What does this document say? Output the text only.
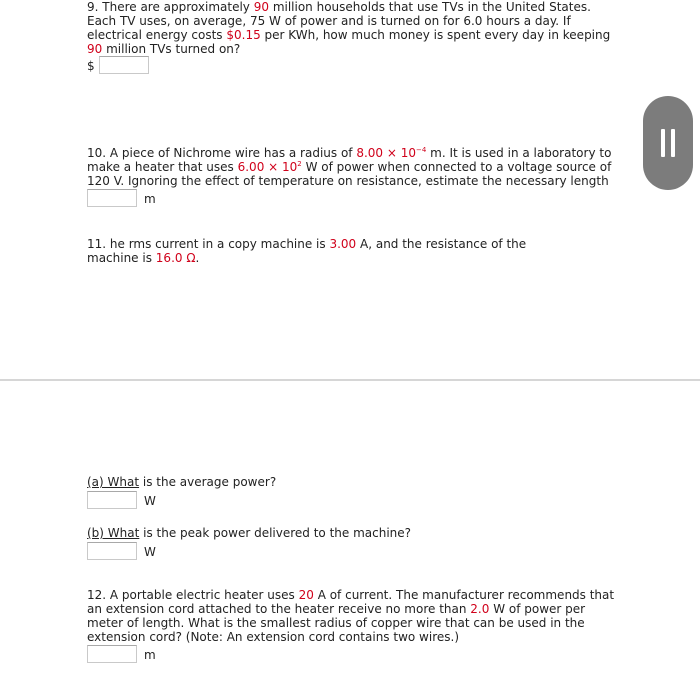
9. There are approximately 90 million households that use TVs in the United States. Each TV uses, on average, 75 W of power and is turned on for 6.0 hours a day. If electrical energy costs $0.15 per KWh, how much money is spent every day in keeping 90 million TVs turned on?
$
10. A piece of Nichrome wire has a radius of $8.00 \times 10^{-4}$ m. It is used in a laboratory to make a heater that uses $6.00 \times 10^2$ W of power when connected to a voltage source of 120 V. Ignoring the effect of temperature on resistance, estimate the necessary length
m
11. he rms current in a copy machine is 3.00 A, and the resistance of the machine is 16.0 Ω.
(a) What is the average power?
W
(b) What is the peak power delivered to the machine?
W
12. A portable electric heater uses 20 A of current. The manufacturer recommends that an extension cord attached to the heater receive no more than 2.0 W of power per meter of length. What is the smallest radius of copper wire that can be used in the extension cord? (Note: An extension cord contains two wires.)
m
